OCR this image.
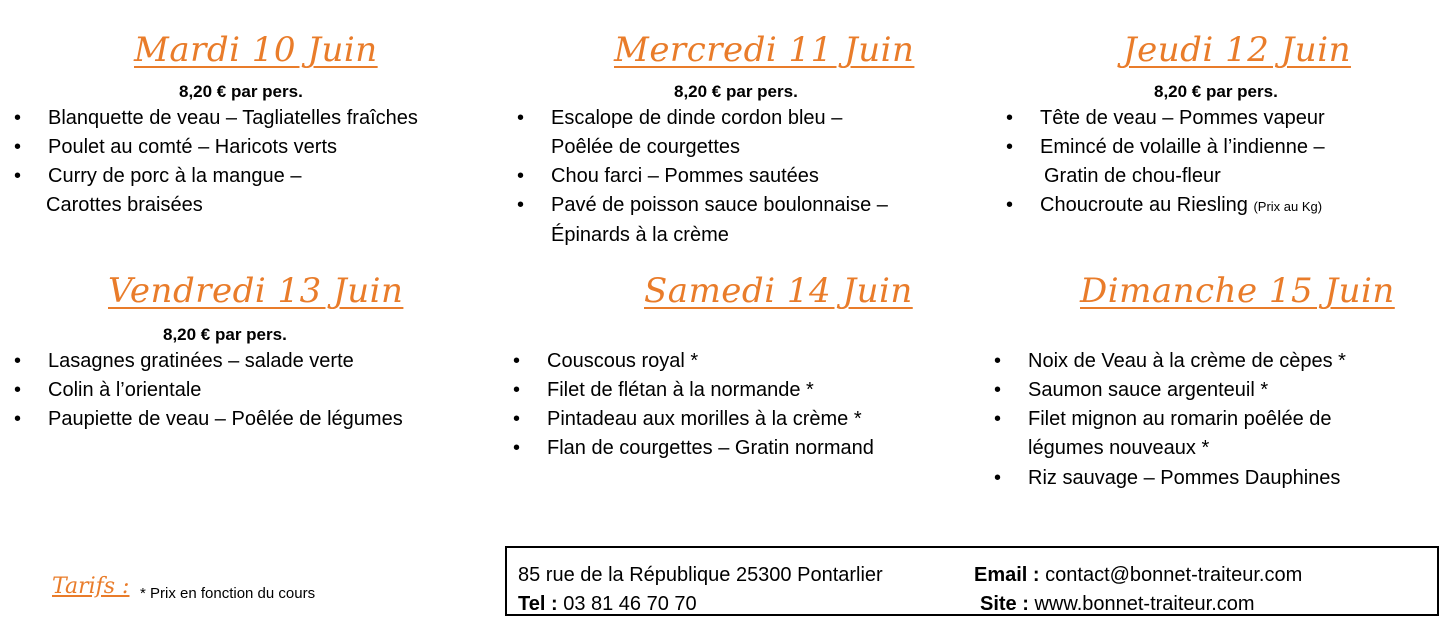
Mardi 10 Juin
8,20 € par pers.
• Blanquette de veau – Tagliatelles fraîches
• Poulet au comté – Haricots verts
• Curry de porc à la mangue –
Carottes braisées
Mercredi 11 Juin
8,20 € par pers.
• Escalope de dinde cordon bleu –
Poêlée de courgettes
• Chou farci – Pommes sautées
• Pavé de poisson sauce boulonnaise –
Épinards à la crème
Jeudi 12 Juin
8,20 € par pers.
• Tête de veau – Pommes vapeur
• Emincé de volaille à l’indienne –
Gratin de chou-fleur
• Choucroute au Riesling (Prix au Kg)
Vendredi 13 Juin
8,20 € par pers.
• Lasagnes gratinées – salade verte
• Colin à l’orientale
• Paupiette de veau – Poêlée de légumes
Samedi 14 Juin
• Couscous royal *
• Filet de flétan à la normande *
• Pintadeau aux morilles à la crème *
• Flan de courgettes – Gratin normand
Dimanche 15 Juin
• Noix de Veau à la crème de cèpes *
• Saumon sauce argenteuil *
• Filet mignon au romarin poêlée de
légumes nouveaux *
• Riz sauvage – Pommes Dauphines
Tarifs : * Prix en fonction du cours
85 rue de la République 25300 Pontarlier
Tel : 03 81 46 70 70
Email : contact@bonnet-traiteur.com
Site : www.bonnet-traiteur.com
